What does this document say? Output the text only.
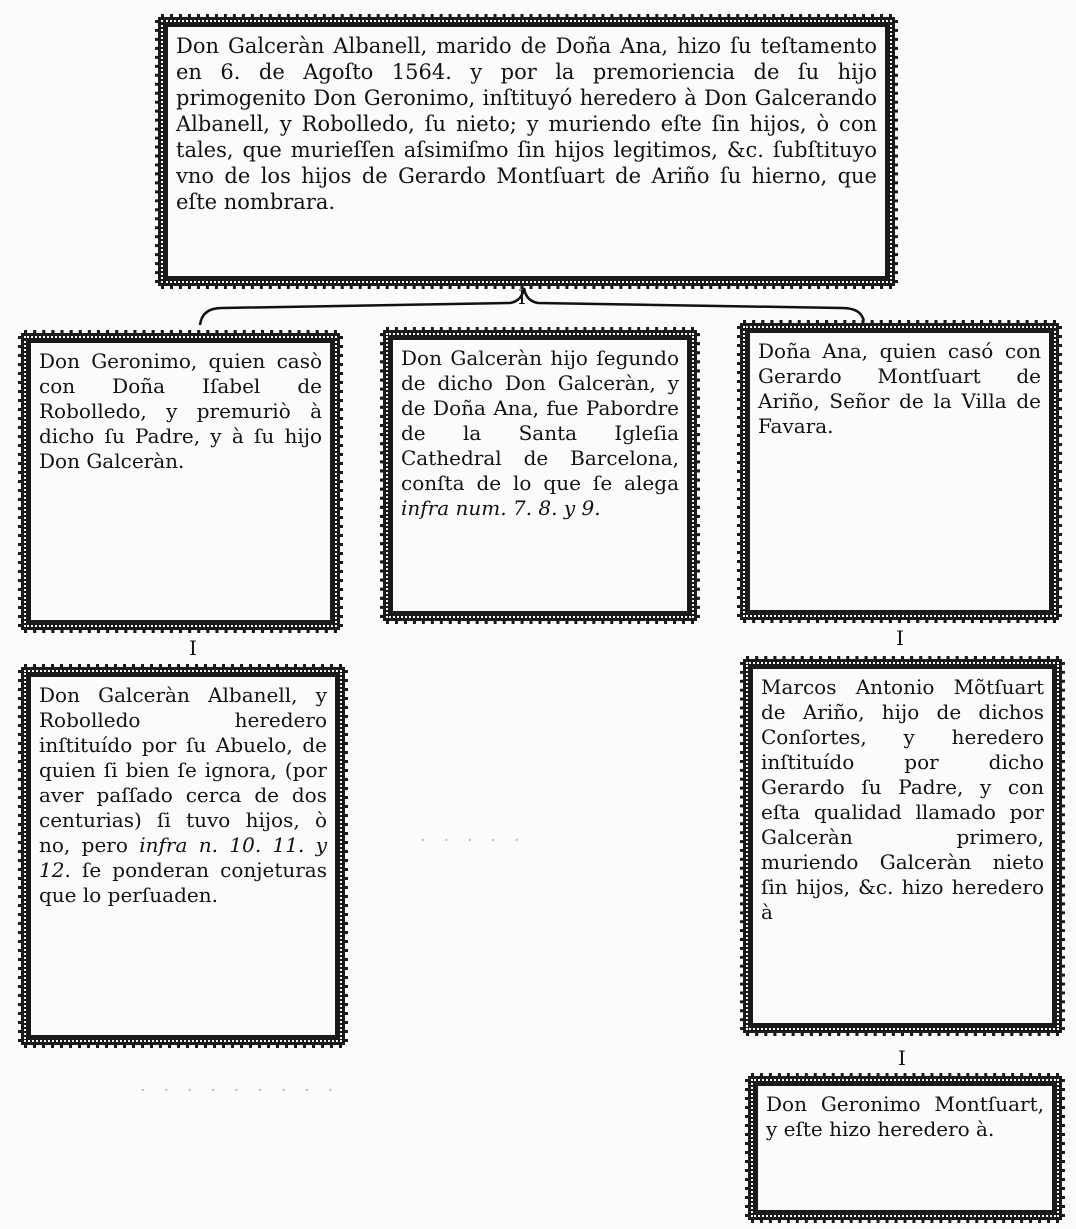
Don Galceràn Albanell, marido de Doña Ana, hizo ſu teſtamento en 6. de Agoſto 1564. y por la premoriencia de ſu hijo primogenito Don Geronimo, inſtituyó heredero à Don Galcerando Albanell, y Robolledo, ſu nieto; y muriendo eſte ſin hijos, ò con tales, que murieſſen aſsimiſmo ſin hijos legitimos, &c. ſubſtituyo vno de los hijos de Gerardo Montſuart de Ariño ſu hierno, que eſte nombrara.
I
Don Geronimo, quien casò con Doña Iſabel de Robolledo, y premuriò à dicho ſu Padre, y à ſu hijo Don Galceràn.
Don Galceràn hijo ſegundo de dicho Don Galceràn, y de Doña Ana, fue Pabordre de la Santa Igleſia Cathedral de Barcelona, conſta de lo que ſe alega infra num. 7. 8. y 9.
Doña Ana, quien casó con Gerardo Montſuart de Ariño, Señor de la Villa de Favara.
I	I
Don Galceràn Albanell, y Robolledo heredero inſtituído por ſu Abuelo, de quien ſi bien ſe ignora, (por aver paſſado cerca de dos centurias) ſi tuvo hijos, ò no, pero infra n. 10. 11. y 12. ſe ponderan conjeturas que lo perſuaden.
Marcos Antonio Mõtſuart de Ariño, hijo de dichos Conſortes, y heredero inſtituído por dicho Gerardo ſu Padre, y con eſta qualidad llamado por Galceràn primero, muriendo Galceràn nieto ſin hijos, &c. hizo heredero à
I
Don Geronimo Montſuart, y eſte hizo heredero à.
· · · · · · · · ·
· · · · ·
